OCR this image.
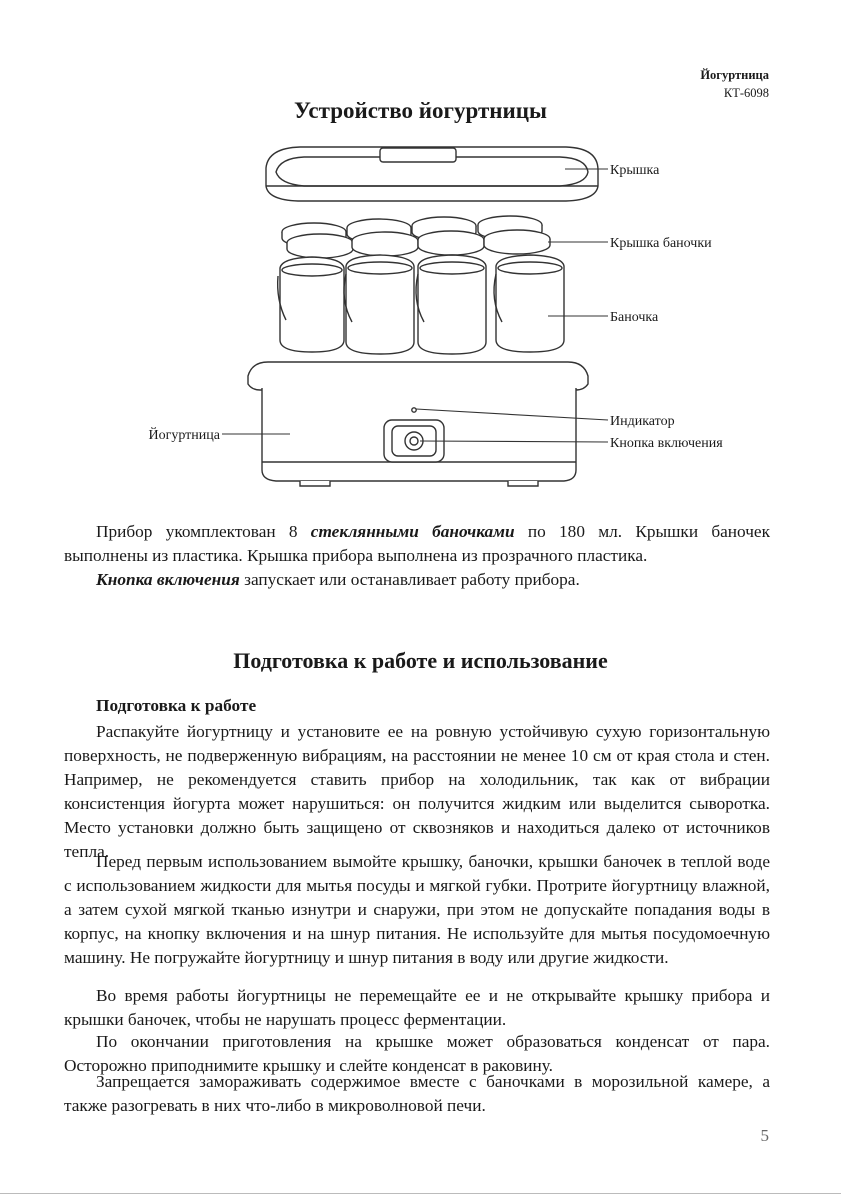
Йогуртница
КТ-6098
Устройство йогуртницы
Крышка
Крышка баночки
Баночка
Индикатор
Кнопка включения
Йогуртница

Прибор укомплектован 8 стеклянными баночками по 180 мл. Крышки баночек выполнены из пластика. Крышка прибора выполнена из прозрачного пластика.

Кнопка включения запускает или останавливает работу прибора.

Подготовка к работе и использование
Подготовка к работе

Распакуйте йогуртницу и установите ее на ровную устойчивую сухую горизонтальную поверхность, не подверженную вибрациям, на расстоянии не менее 10 см от края стола и стен. Например, не рекомендуется ставить прибор на холодильник, так как от вибрации консистенция йогурта может нарушиться: он получится жидким или выделится сыворотка. Место установки должно быть защищено от сквозняков и находиться далеко от источников тепла.

Перед первым использованием вымойте крышку, баночки, крышки баночек в теплой воде с использованием жидкости для мытья посуды и мягкой губки. Протрите йогуртницу влажной, а затем сухой мягкой тканью изнутри и снаружи, при этом не допускайте попадания воды в корпус, на кнопку включения и на шнур питания. Не используйте для мытья посудомоечную машину. Не погружайте йогуртницу и шнур питания в воду или другие жидкости.

Во время работы йогуртницы не перемещайте ее и не открывайте крышку прибора и крышки баночек, чтобы не нарушать процесс ферментации.

По окончании приготовления на крышке может образоваться конденсат от пара. Осторожно приподнимите крышку и слейте конденсат в раковину.

Запрещается замораживать содержимое вместе с баночками в морозильной камере, а также разогревать в них что-либо в микроволновой печи.

5
